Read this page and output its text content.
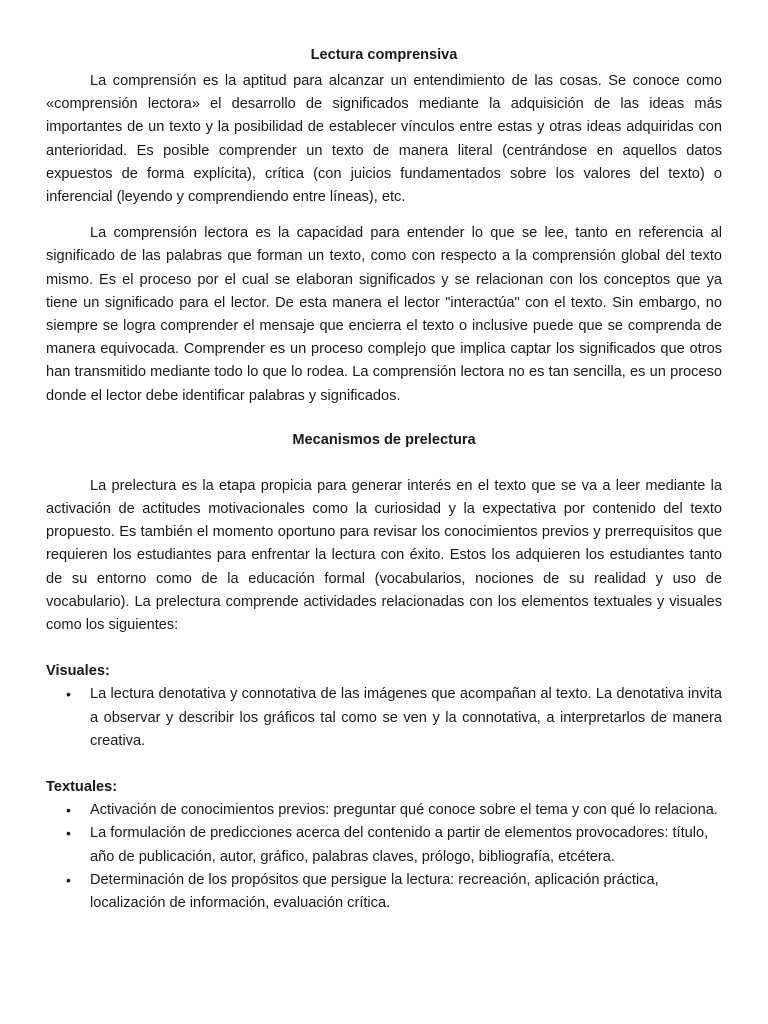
Lectura comprensiva

La comprensión es la aptitud para alcanzar un entendimiento de las cosas. Se conoce como «comprensión lectora» el desarrollo de significados mediante la adquisición de las ideas más importantes de un texto y la posibilidad de establecer vínculos entre estas y otras ideas adquiridas con anterioridad. Es posible comprender un texto de manera literal (centrándose en aquellos datos expuestos de forma explícita), crítica (con juicios fundamentados sobre los valores del texto) o inferencial (leyendo y comprendiendo entre líneas), etc.

La comprensión lectora es la capacidad para entender lo que se lee, tanto en referencia al significado de las palabras que forman un texto, como con respecto a la comprensión global del texto mismo. Es el proceso por el cual se elaboran significados y se relacionan con los conceptos que ya tiene un significado para el lector. De esta manera el lector "interactúa" con el texto. Sin embargo, no siempre se logra comprender el mensaje que encierra el texto o inclusive puede que se comprenda de manera equivocada. Comprender es un proceso complejo que implica captar los significados que otros han transmitido mediante todo lo que lo rodea. La comprensión lectora no es tan sencilla, es un proceso donde el lector debe identificar palabras y significados.

Mecanismos de prelectura

La prelectura es la etapa propicia para generar interés en el texto que se va a leer mediante la activación de actitudes motivacionales como la curiosidad y la expectativa por contenido del texto propuesto. Es también el momento oportuno para revisar los conocimientos previos y prerrequisitos que requieren los estudiantes para enfrentar la lectura con éxito. Estos los adquieren los estudiantes tanto de su entorno como de la educación formal (vocabularios, nociones de su realidad y uso de vocabulario). La prelectura comprende actividades relacionadas con los elementos textuales y visuales como los siguientes:

Visuales:
• La lectura denotativa y connotativa de las imágenes que acompañan al texto. La denotativa invita a observar y describir los gráficos tal como se ven y la connotativa, a interpretarlos de manera creativa.
Textuales:
• Activación de conocimientos previos: preguntar qué conoce sobre el tema y con qué lo relaciona.
• La formulación de predicciones acerca del contenido a partir de elementos provocadores: título, año de publicación, autor, gráfico, palabras claves, prólogo, bibliografía, etcétera.
• Determinación de los propósitos que persigue la lectura: recreación, aplicación práctica, localización de información, evaluación crítica.
